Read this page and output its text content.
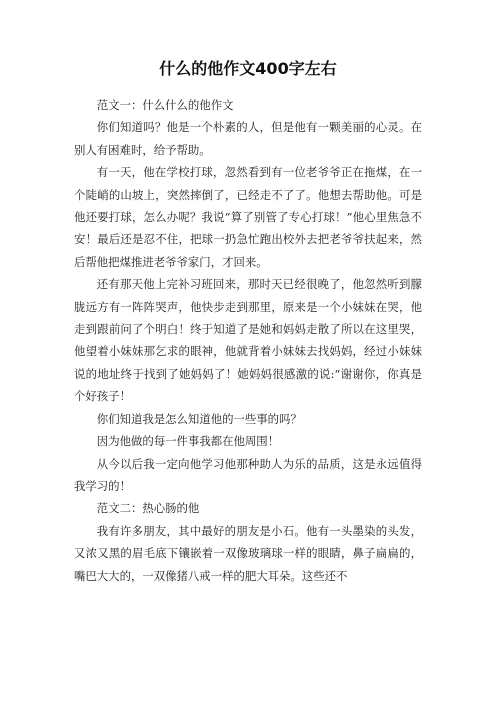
什么的他作文400字左右

范文一：什么什么的他作文

你们知道吗？他是一个朴素的人，但是他有一颗美丽的心灵。在别人有困难时，给予帮助。

有一天，他在学校打球，忽然看到有一位老爷爷正在拖煤，在一个陡峭的山坡上，突然摔倒了，已经走不了了。他想去帮助他。可是他还要打球，怎么办呢？我说“算了别管了专心打球！”他心里焦急不安！最后还是忍不住，把球一扔急忙跑出校外去把老爷爷扶起来，然后帮他把煤推进老爷爷家门，才回来。

还有那天他上完补习班回来，那时天已经很晚了，他忽然听到朦胧远方有一阵阵哭声，他快步走到那里，原来是一个小妹妹在哭，他走到跟前问了个明白！终于知道了是她和妈妈走散了所以在这里哭，他望着小妹妹那乞求的眼神，他就背着小妹妹去找妈妈，经过小妹妹说的地址终于找到了她妈妈了！她妈妈很感激的说:“谢谢你，你真是个好孩子！

你们知道我是怎么知道他的一些事的吗？

因为他做的每一件事我都在他周围！

从今以后我一定向他学习他那种助人为乐的品质，这是永远值得我学习的！

范文二：热心肠的他

我有许多朋友，其中最好的朋友是小石。他有一头墨染的头发，又浓又黑的眉毛底下镶嵌着一双像玻璃球一样的眼睛，鼻子扁扁的，嘴巴大大的，一双像猪八戒一样的肥大耳朵。这些还不
